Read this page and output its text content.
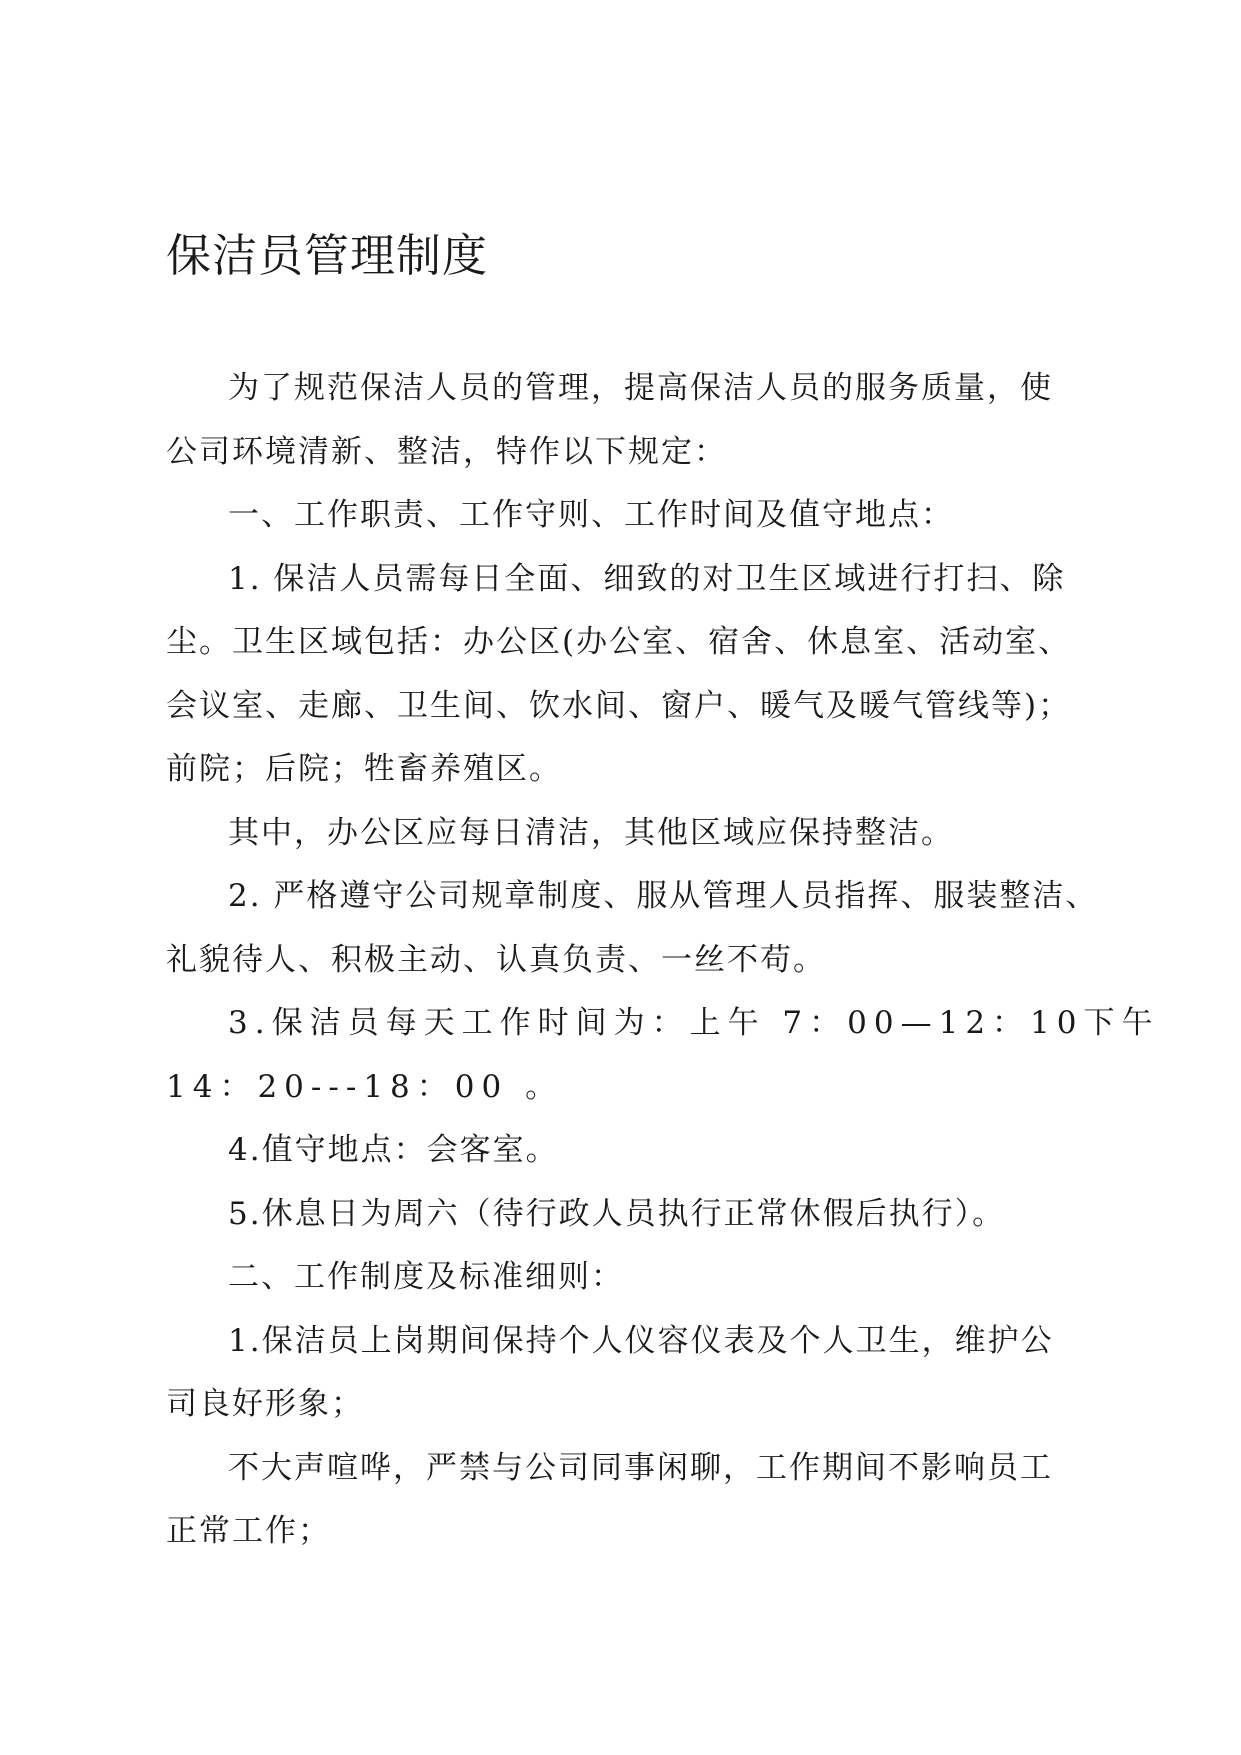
保洁员管理制度

为了规范保洁人员的管理，提高保洁人员的服务质量，使
公司环境清新、整洁，特作以下规定：

一、工作职责、工作守则、工作时间及值守地点：

1. 保洁人员需每日全面、细致的对卫生区域进行打扫、除
尘。卫生区域包括：办公区(办公室、宿舍、休息室、活动室、
会议室、走廊、卫生间、饮水间、窗户、暖气及暖气管线等)；
前院；后院；牲畜养殖区。

其中，办公区应每日清洁，其他区域应保持整洁。

2. 严格遵守公司规章制度、服从管理人员指挥、服装整洁、
礼貌待人、积极主动、认真负责、一丝不苟。

3.保洁员每天工作时间为：上午 7：00—12：10下午
14：20---18：00 。

4.值守地点：会客室。

5.休息日为周六（待行政人员执行正常休假后执行）。

二、工作制度及标准细则：

1.保洁员上岗期间保持个人仪容仪表及个人卫生，维护公
司良好形象；

不大声喧哗，严禁与公司同事闲聊，工作期间不影响员工
正常工作；
